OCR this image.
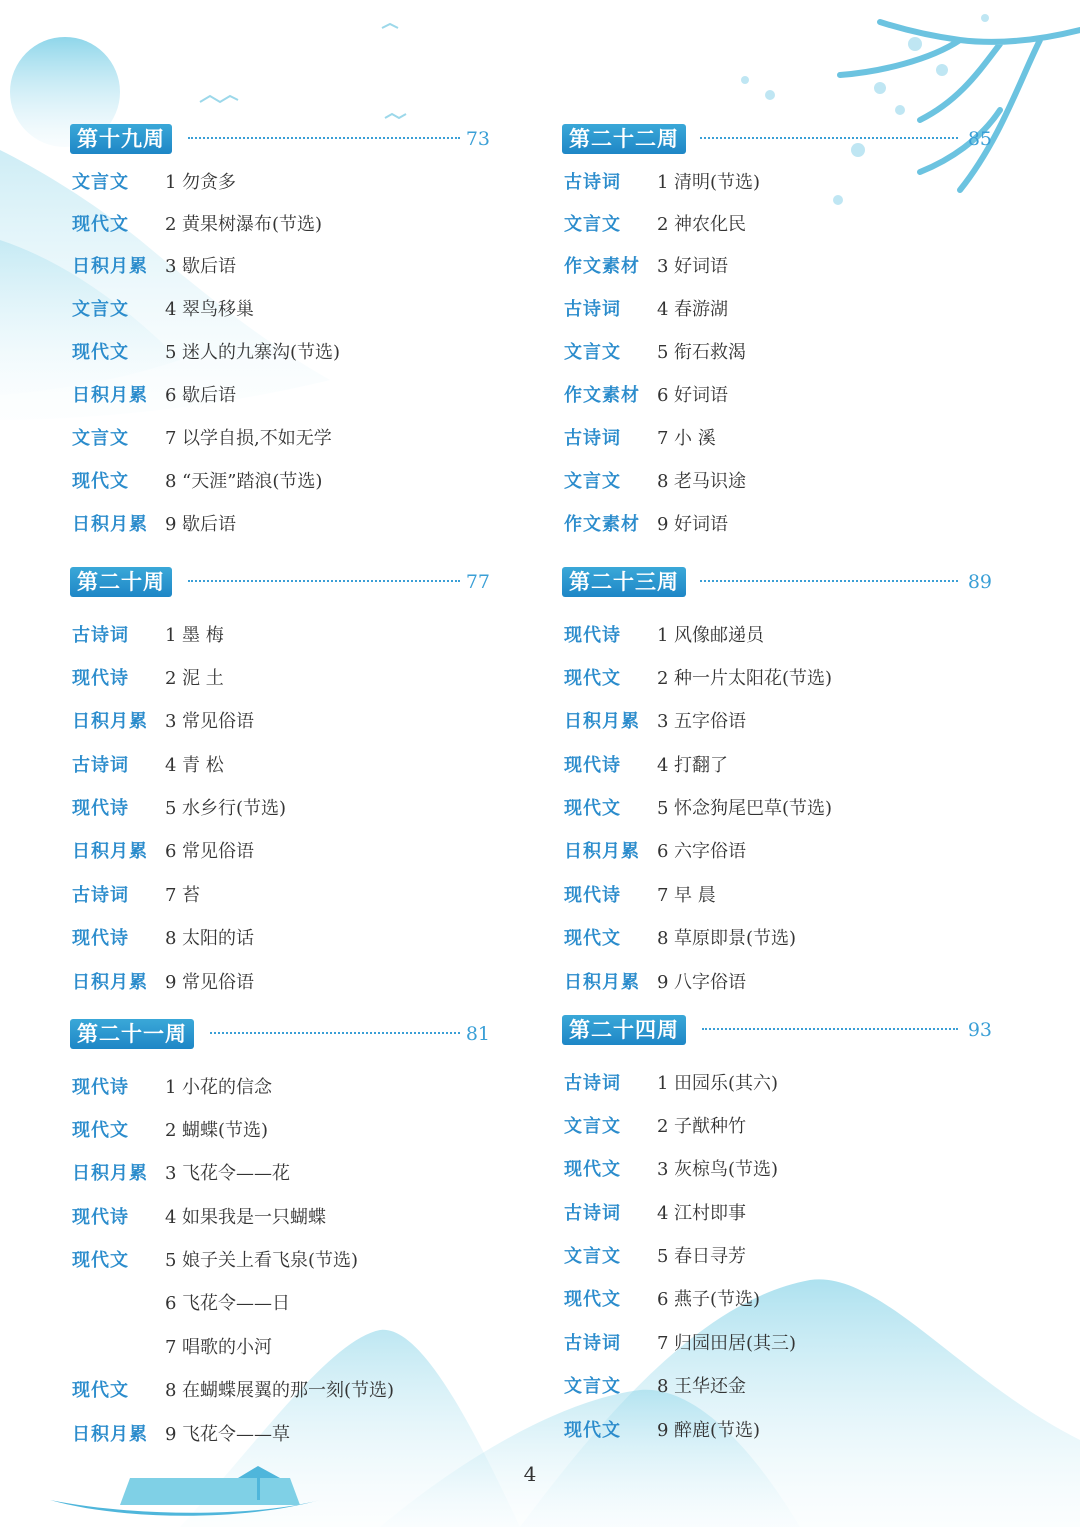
第十九周	73
文言文 1 勿贪多
现代文 2 黄果树瀑布(节选)
日积月累 3 歇后语
文言文 4 翠鸟移巢
现代文 5 迷人的九寨沟(节选)
日积月累 6 歇后语
文言文 7 以学自损,不如无学
现代文 8 “天涯”踏浪(节选)
日积月累 9 歇后语
第二十周	77
古诗词 1 墨 梅
现代诗 2 泥 土
日积月累 3 常见俗语
古诗词 4 青 松
现代诗 5 水乡行(节选)
日积月累 6 常见俗语
古诗词 7 苔
现代诗 8 太阳的话
日积月累 9 常见俗语
第二十一周	81
现代诗 1 小花的信念
现代文 2 蝴蝶(节选)
日积月累 3 飞花令——花
现代诗 4 如果我是一只蝴蝶
现代文 5 娘子关上看飞泉(节选)
6 飞花令——日
7 唱歌的小河
现代文 8 在蝴蝶展翼的那一刻(节选)
日积月累 9 飞花令——草
第二十二周	85
古诗词 1 清明(节选)
文言文 2 神农化民
作文素材 3 好词语
古诗词 4 春游湖
文言文 5 衔石救渴
作文素材 6 好词语
古诗词 7 小 溪
文言文 8 老马识途
作文素材 9 好词语
第二十三周	89
现代诗 1 风像邮递员
现代文 2 种一片太阳花(节选)
日积月累 3 五字俗语
现代诗 4 打翻了
现代文 5 怀念狗尾巴草(节选)
日积月累 6 六字俗语
现代诗 7 早 晨
现代文 8 草原即景(节选)
日积月累 9 八字俗语
第二十四周	93
古诗词 1 田园乐(其六)
文言文 2 子猷种竹
现代文 3 灰椋鸟(节选)
古诗词 4 江村即事
文言文 5 春日寻芳
现代文 6 燕子(节选)
古诗词 7 归园田居(其三)
文言文 8 王华还金
现代文 9 醉鹿(节选)
4
